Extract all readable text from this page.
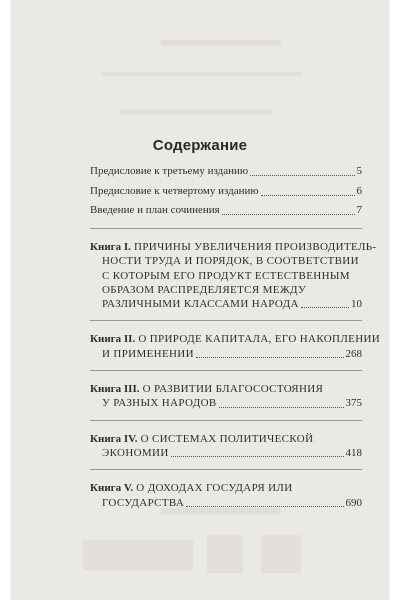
Содержание
Предисловие к третьему изданию	5
Предисловие к четвертому изданию	6
Введение и план сочинения	7
Книга I. ПРИЧИНЫ УВЕЛИЧЕНИЯ ПРОИЗВОДИТЕЛЬ-
НОСТИ ТРУДА И ПОРЯДОК, В СООТВЕТСТВИИ
С КОТОРЫМ ЕГО ПРОДУКТ ЕСТЕСТВЕННЫМ
ОБРАЗОМ РАСПРЕДЕЛЯЕТСЯ МЕЖДУ
РАЗЛИЧНЫМИ КЛАССАМИ НАРОДА	10
Книга II. О ПРИРОДЕ КАПИТАЛА, ЕГО НАКОПЛЕНИИ
И ПРИМЕНЕНИИ	268
Книга III. О РАЗВИТИИ БЛАГОСОСТОЯНИЯ
У РАЗНЫХ НАРОДОВ	375
Книга IV. О СИСТЕМАХ ПОЛИТИЧЕСКОЙ
ЭКОНОМИИ	418
Книга V. О ДОХОДАХ ГОСУДАРЯ ИЛИ
ГОСУДАРСТВА	690
